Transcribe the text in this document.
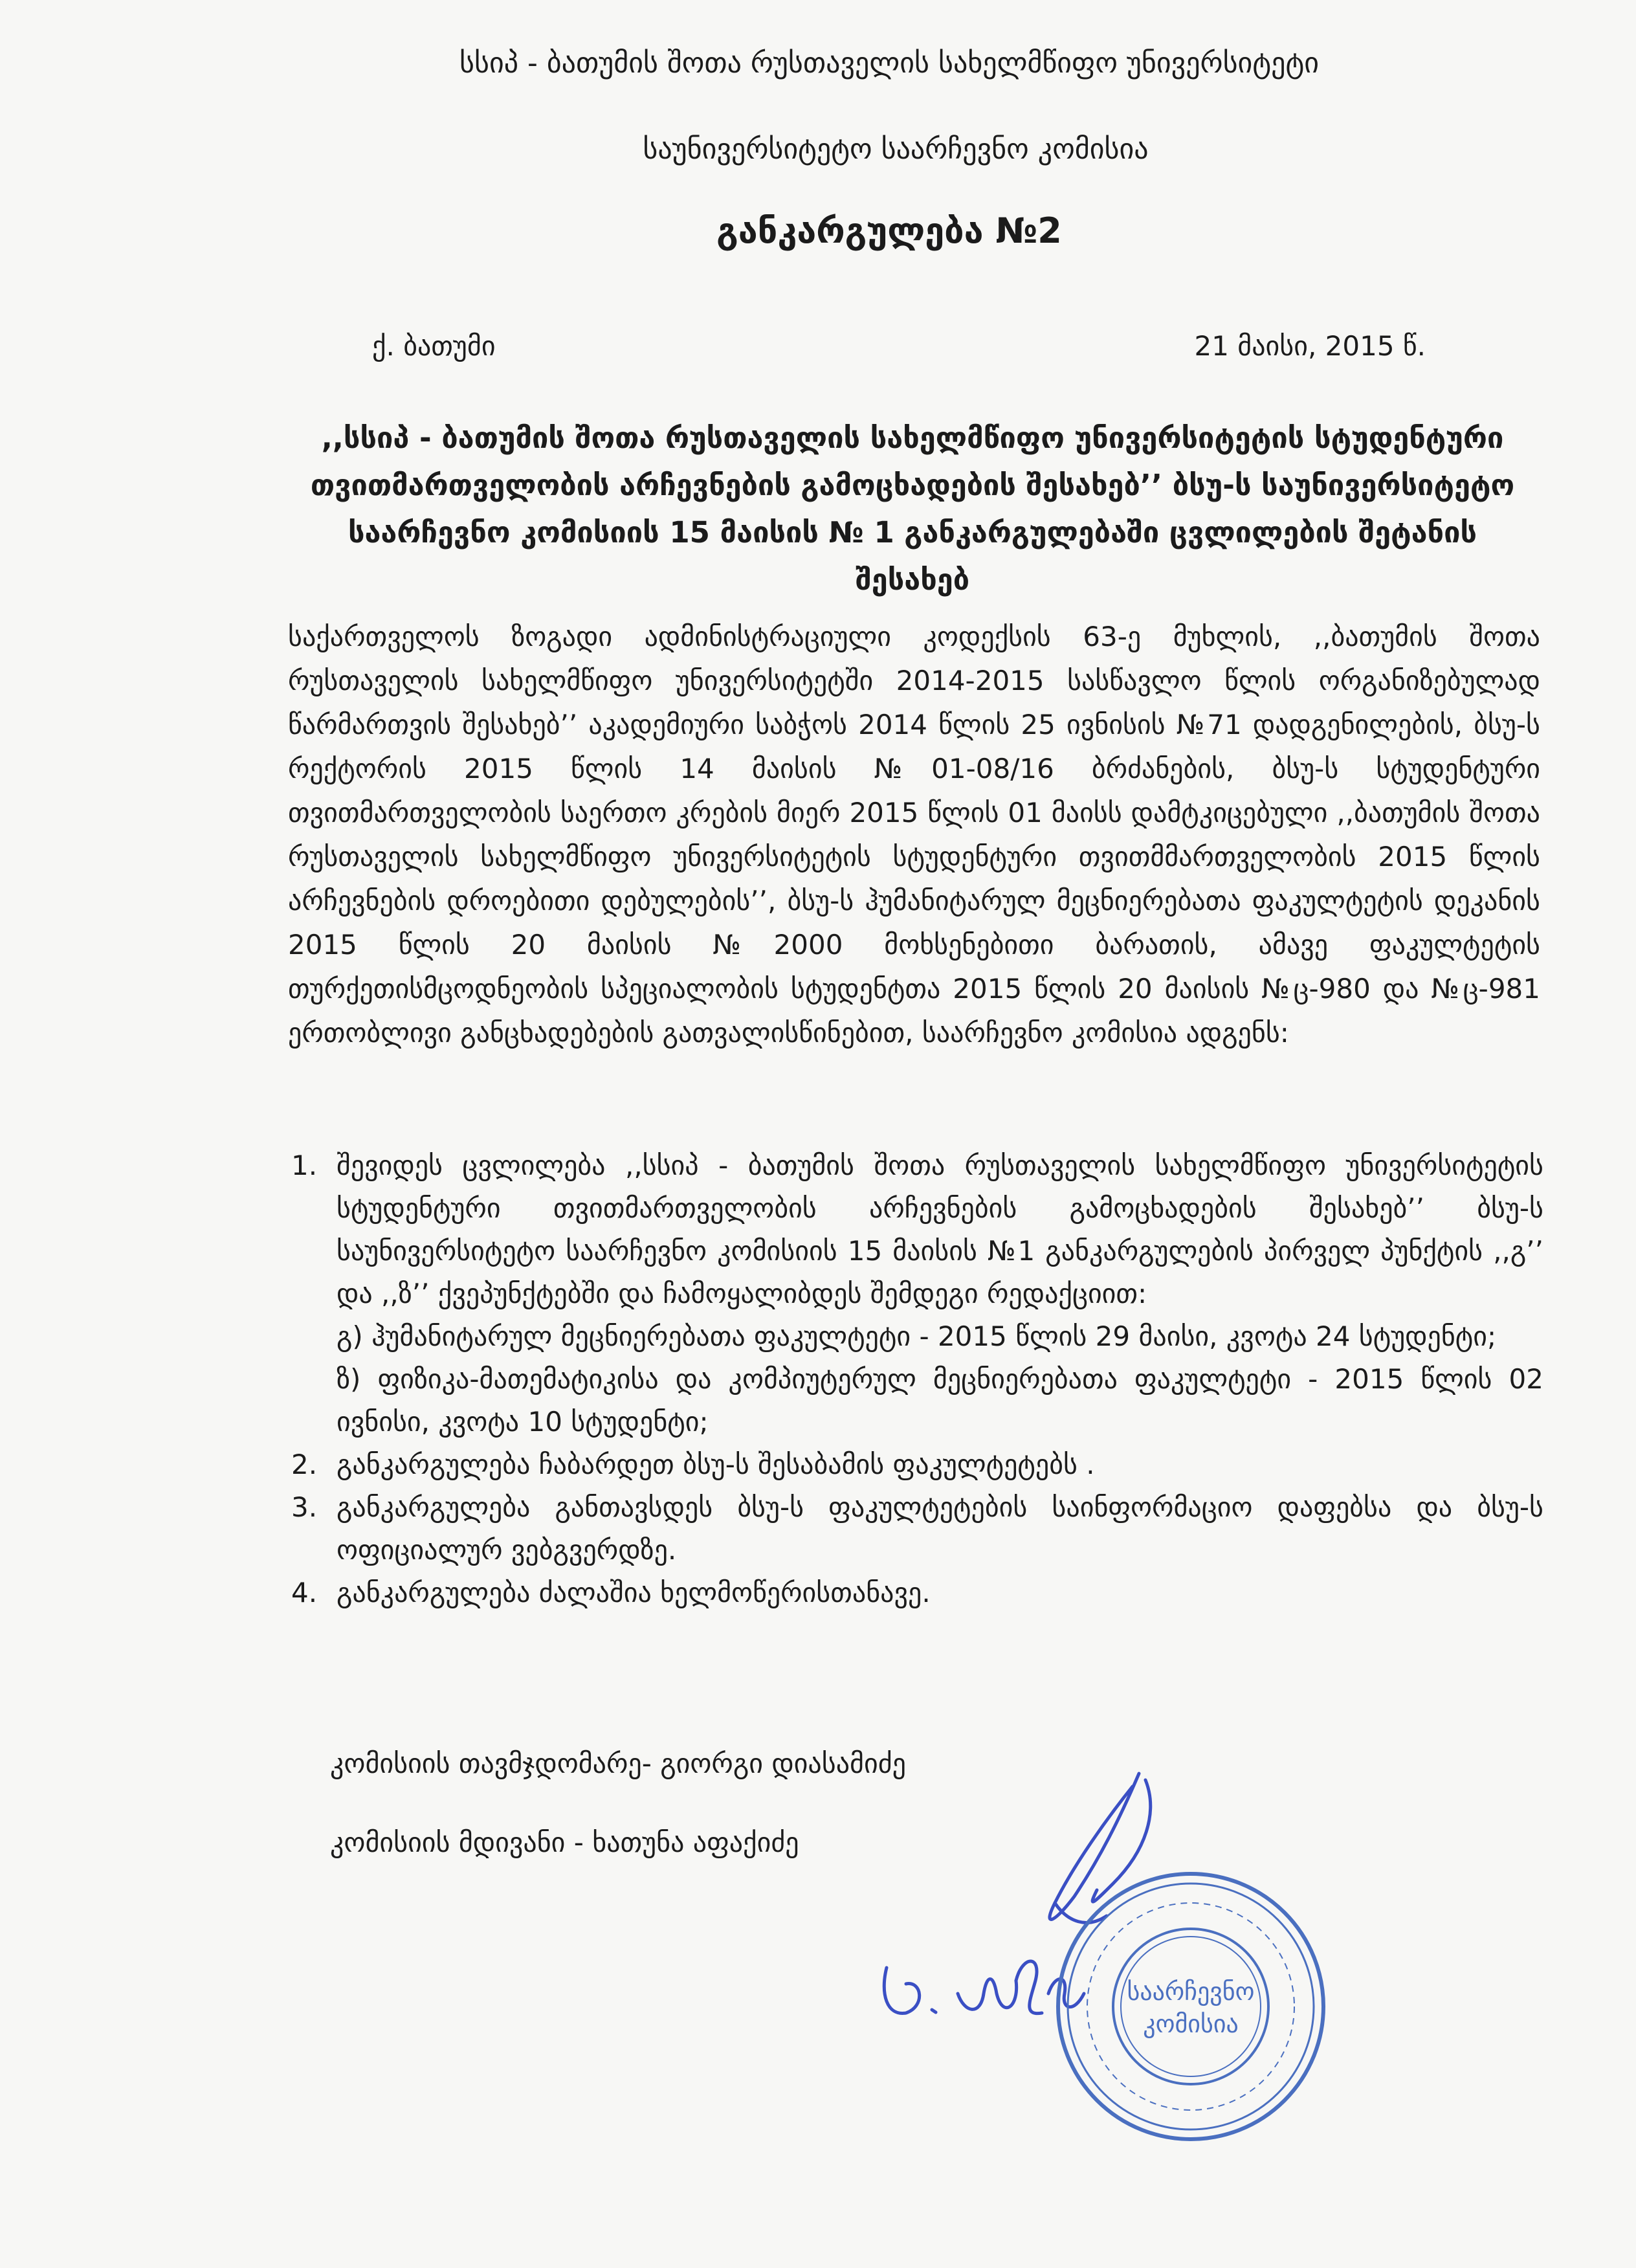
სსიპ - ბათუმის შოთა რუსთაველის სახელმწიფო უნივერსიტეტი
საუნივერსიტეტო საარჩევნო კომისია
განკარგულება №2
ქ. ბათუმი	21 მაისი, 2015 წ.
,,სსიპ - ბათუმის შოთა რუსთაველის სახელმწიფო უნივერსიტეტის სტუდენტური თვითმართველობის არჩევნების გამოცხადების შესახებ’’ ბსუ-ს საუნივერსიტეტო საარჩევნო კომისიის 15 მაისის № 1 განკარგულებაში ცვლილების შეტანის შესახებ
საქართველოს ზოგადი ადმინისტრაციული კოდექსის 63-ე მუხლის, ,,ბათუმის შოთა რუსთაველის სახელმწიფო უნივერსიტეტში 2014-2015 სასწავლო წლის ორგანიზებულად წარმართვის შესახებ’’ აკადემიური საბჭოს 2014 წლის 25 ივნისის №71 დადგენილების, ბსუ-ს რექტორის 2015 წლის 14 მაისის №01-08/16 ბრძანების, ბსუ-ს სტუდენტური თვითმართველობის საერთო კრების მიერ 2015 წლის 01 მაისს დამტკიცებული ,,ბათუმის შოთა რუსთაველის სახელმწიფო უნივერსიტეტის სტუდენტური თვითმმართველობის 2015 წლის არჩევნების დროებითი დებულების’’, ბსუ-ს ჰუმანიტარულ მეცნიერებათა ფაკულტეტის დეკანის 2015 წლის 20 მაისის №2000 მოხსენებითი ბარათის, ამავე ფაკულტეტის თურქეთისმცოდნეობის სპეციალობის სტუდენტთა 2015 წლის 20 მაისის №ც-980 და №ც-981 ერთობლივი განცხადებების გათვალისწინებით, საარჩევნო კომისია ადგენს:
1. შევიდეს ცვლილება ,,სსიპ - ბათუმის შოთა რუსთაველის სახელმწიფო უნივერსიტეტის სტუდენტური თვითმართველობის არჩევნების გამოცხადების შესახებ’’ ბსუ-ს საუნივერსიტეტო საარჩევნო კომისიის 15 მაისის №1 განკარგულების პირველ პუნქტის ,,გ’’ და ,,ზ’’ ქვეპუნქტებში და ჩამოყალიბდეს შემდეგი რედაქციით:
გ) ჰუმანიტარულ მეცნიერებათა ფაკულტეტი - 2015 წლის 29 მაისი, კვოტა 24 სტუდენტი;
ზ) ფიზიკა-მათემატიკისა და კომპიუტერულ მეცნიერებათა ფაკულტეტი - 2015 წლის 02 ივნისი, კვოტა 10 სტუდენტი;
2. განკარგულება ჩაბარდეთ ბსუ-ს შესაბამის ფაკულტეტებს .
3. განკარგულება განთავსდეს ბსუ-ს ფაკულტეტების საინფორმაციო დაფებსა და ბსუ-ს ოფიციალურ ვებგვერდზე.
4. განკარგულება ძალაშია ხელმოწერისთანავე.
კომისიის თავმჯდომარე- გიორგი დიასამიძე
კომისიის მდივანი - ხათუნა აფაქიძე
საარჩევნო
კომისია
